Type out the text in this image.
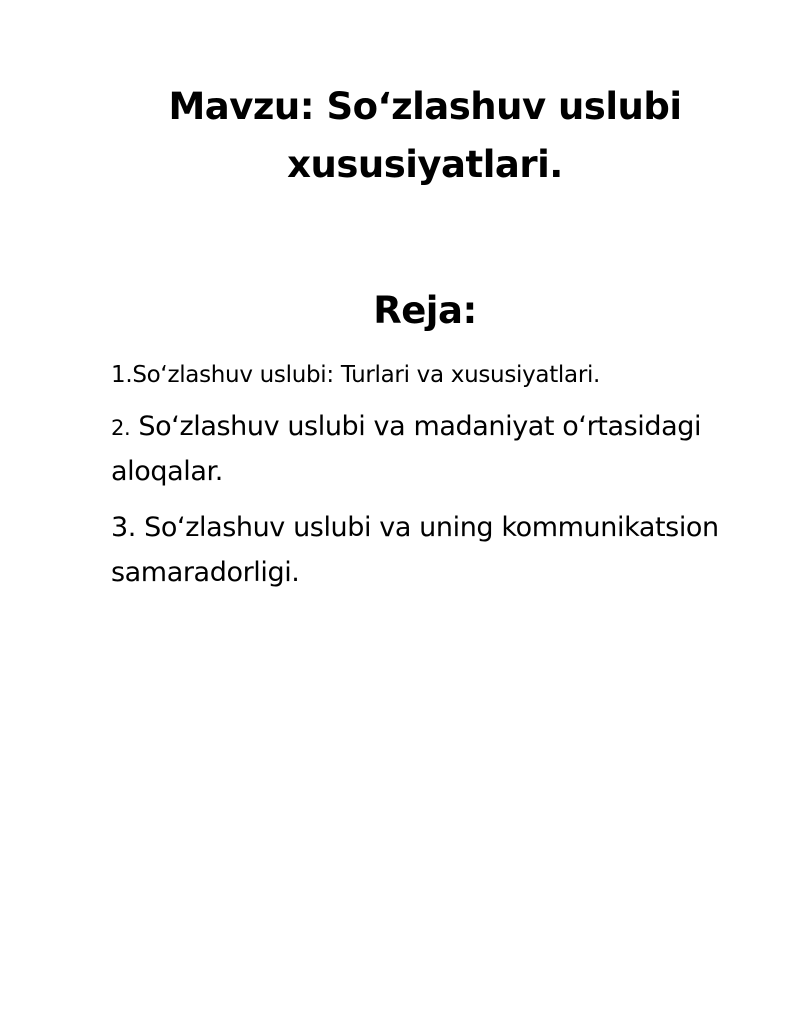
Mavzu: So‘zlashuv uslubi xususiyatlari.
Reja:

1.So‘zlashuv uslubi: Turlari va xususiyatlari.

2. So‘zlashuv uslubi va madaniyat o‘rtasidagi aloqalar.

3. So‘zlashuv uslubi va uning kommunikatsion samaradorligi.
